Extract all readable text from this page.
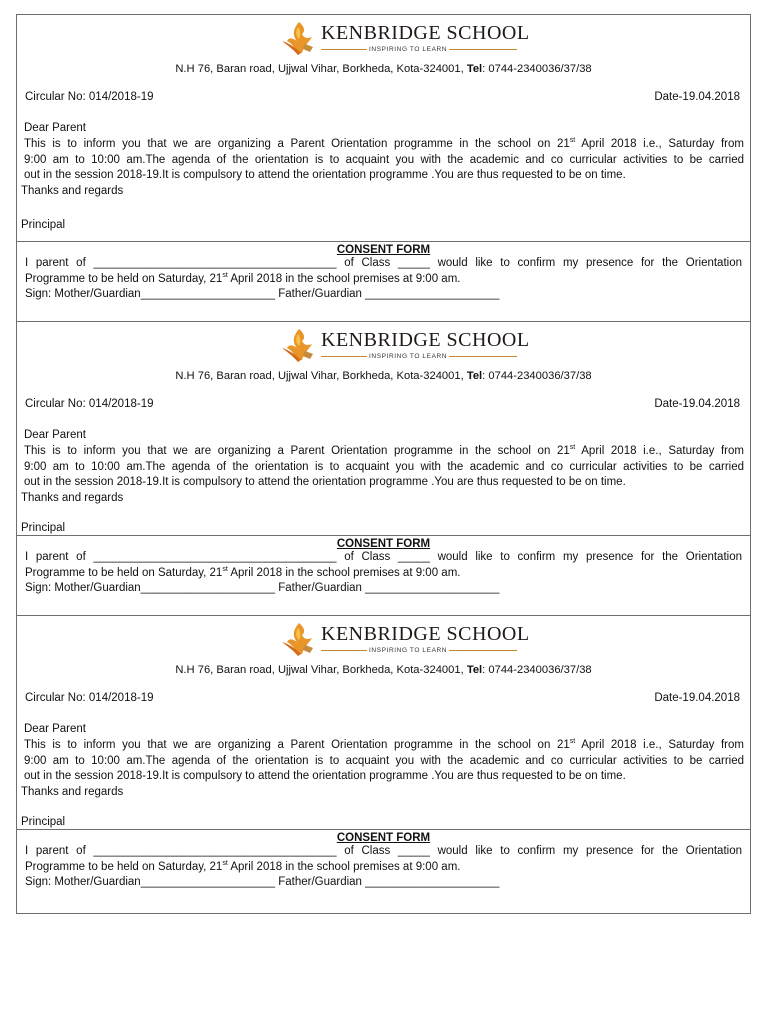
KENBRIDGE SCHOOL
INSPIRING TO LEARN
N.H 76, Baran road, Ujjwal Vihar, Borkheda, Kota-324001, Tel: 0744-2340036/37/38
Circular No: 014/2018-19	Date-19.04.2018

Dear Parent

This is to inform you that we are organizing a Parent Orientation programme in the school on 21st April 2018 i.e., Saturday from

9:00 am to 10:00 am.The agenda of the orientation is to acquaint you with the academic and co curricular activities to be carried

out in the session 2018-19.It is compulsory to attend the orientation programme .You are thus requested to be on time.

Thanks and regards

Principal
CONSENT FORM

I parent of ______________________________________ of Class _____ would like to confirm my presence for the Orientation

Programme to be held on Saturday, 21st April 2018 in the school premises at 9:00 am.

Sign: Mother/Guardian_____________________ Father/Guardian _____________________

KENBRIDGE SCHOOL
INSPIRING TO LEARN
N.H 76, Baran road, Ujjwal Vihar, Borkheda, Kota-324001, Tel: 0744-2340036/37/38
Circular No: 014/2018-19	Date-19.04.2018

Dear Parent

This is to inform you that we are organizing a Parent Orientation programme in the school on 21st April 2018 i.e., Saturday from

9:00 am to 10:00 am.The agenda of the orientation is to acquaint you with the academic and co curricular activities to be carried

out in the session 2018-19.It is compulsory to attend the orientation programme .You are thus requested to be on time.

Thanks and regards

Principal
CONSENT FORM

I parent of ______________________________________ of Class _____ would like to confirm my presence for the Orientation

Programme to be held on Saturday, 21st April 2018 in the school premises at 9:00 am.

Sign: Mother/Guardian_____________________ Father/Guardian _____________________

KENBRIDGE SCHOOL
INSPIRING TO LEARN
N.H 76, Baran road, Ujjwal Vihar, Borkheda, Kota-324001, Tel: 0744-2340036/37/38
Circular No: 014/2018-19	Date-19.04.2018

Dear Parent

This is to inform you that we are organizing a Parent Orientation programme in the school on 21st April 2018 i.e., Saturday from

9:00 am to 10:00 am.The agenda of the orientation is to acquaint you with the academic and co curricular activities to be carried

out in the session 2018-19.It is compulsory to attend the orientation programme .You are thus requested to be on time.

Thanks and regards

Principal
CONSENT FORM

I parent of ______________________________________ of Class _____ would like to confirm my presence for the Orientation

Programme to be held on Saturday, 21st April 2018 in the school premises at 9:00 am.

Sign: Mother/Guardian_____________________ Father/Guardian _____________________
